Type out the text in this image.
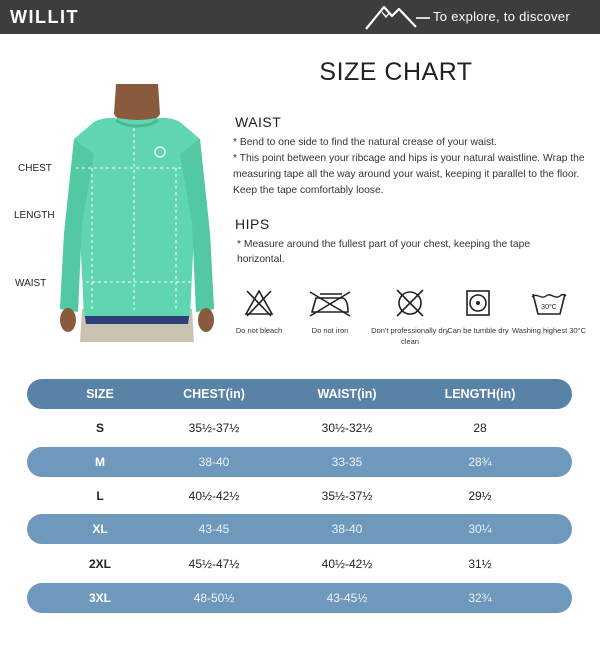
WILLIT	To explore, to discover
SIZE CHART
CHEST
LENGTH
WAIST
WAIST
* Bend to one side to find the natural crease of your waist.
* This point between your ribcage and hips is your natural waistline. Wrap the measuring tape all the way around your waist, keeping it parallel to the floor. Keep the tape comfortably loose.
HIPS
* Measure around the fullest part of your chest, keeping the tape horizontal.
Do not bleach	Do not iron	Don't professionally dry clean
Can be tumble dry
30°C
Washing highest 30°C
SIZE	CHEST(in)	WAIST(in)	LENGTH(in)
S	35½-37½	30½-32½	28
M	38-40	33-35	28¾
L	40½-42½	35½-37½	29½
XL	43-45	38-40	30¼
2XL	45½-47½	40½-42½	31½
3XL	48-50½	43-45½	32¾
